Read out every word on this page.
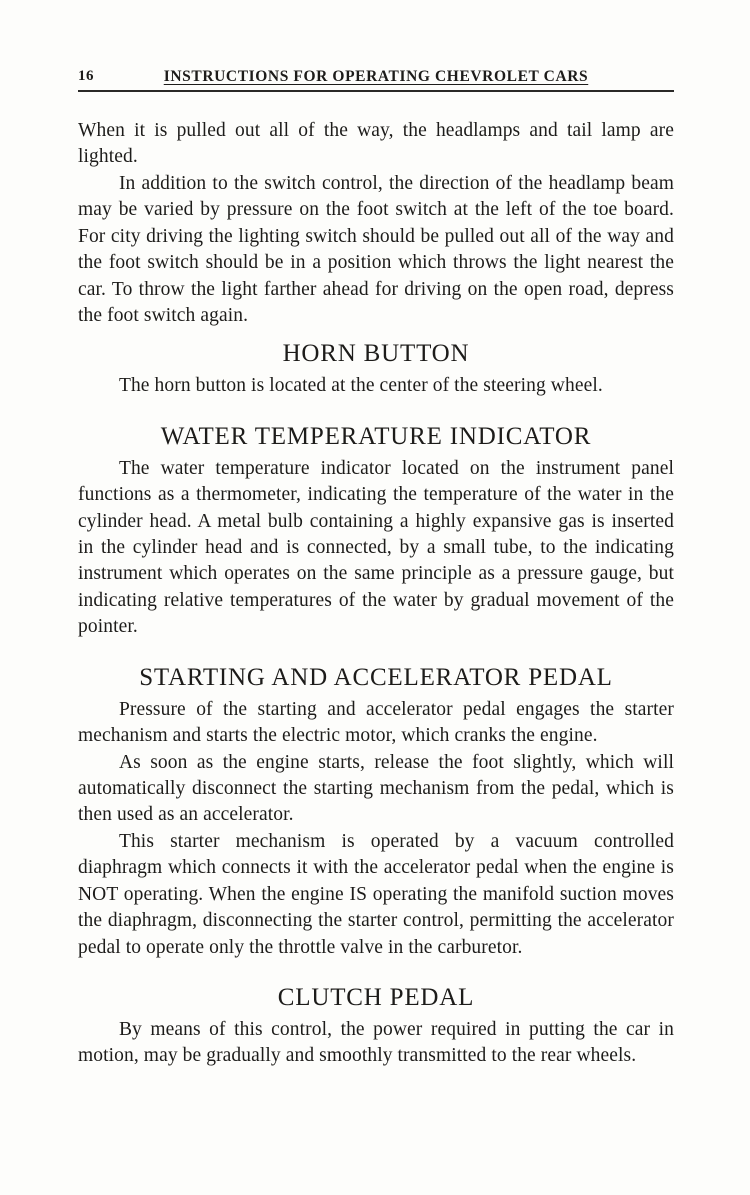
16	INSTRUCTIONS FOR OPERATING CHEVROLET CARS

When it is pulled out all of the way, the headlamps and tail lamp are lighted.

In addition to the switch control, the direction of the headlamp beam may be varied by pressure on the foot switch at the left of the toe board. For city driving the lighting switch should be pulled out all of the way and the foot switch should be in a position which throws the light nearest the car. To throw the light farther ahead for driving on the open road, depress the foot switch again.

HORN BUTTON

The horn button is located at the center of the steering wheel.

WATER TEMPERATURE INDICATOR

The water temperature indicator located on the instrument panel functions as a thermometer, indicating the temperature of the water in the cylinder head. A metal bulb containing a highly expansive gas is inserted in the cylinder head and is connected, by a small tube, to the indicating instrument which operates on the same principle as a pressure gauge, but indicating relative temperatures of the water by gradual movement of the pointer.

STARTING AND ACCELERATOR PEDAL

Pressure of the starting and accelerator pedal engages the starter mechanism and starts the electric motor, which cranks the engine.

As soon as the engine starts, release the foot slightly, which will automatically disconnect the starting mechanism from the pedal, which is then used as an accelerator.

This starter mechanism is operated by a vacuum controlled diaphragm which connects it with the accelerator pedal when the engine is NOT operating. When the engine IS operating the manifold suction moves the diaphragm, disconnecting the starter control, permitting the accelerator pedal to operate only the throttle valve in the carburetor.

CLUTCH PEDAL

By means of this control, the power required in putting the car in motion, may be gradually and smoothly transmitted to the rear wheels.
